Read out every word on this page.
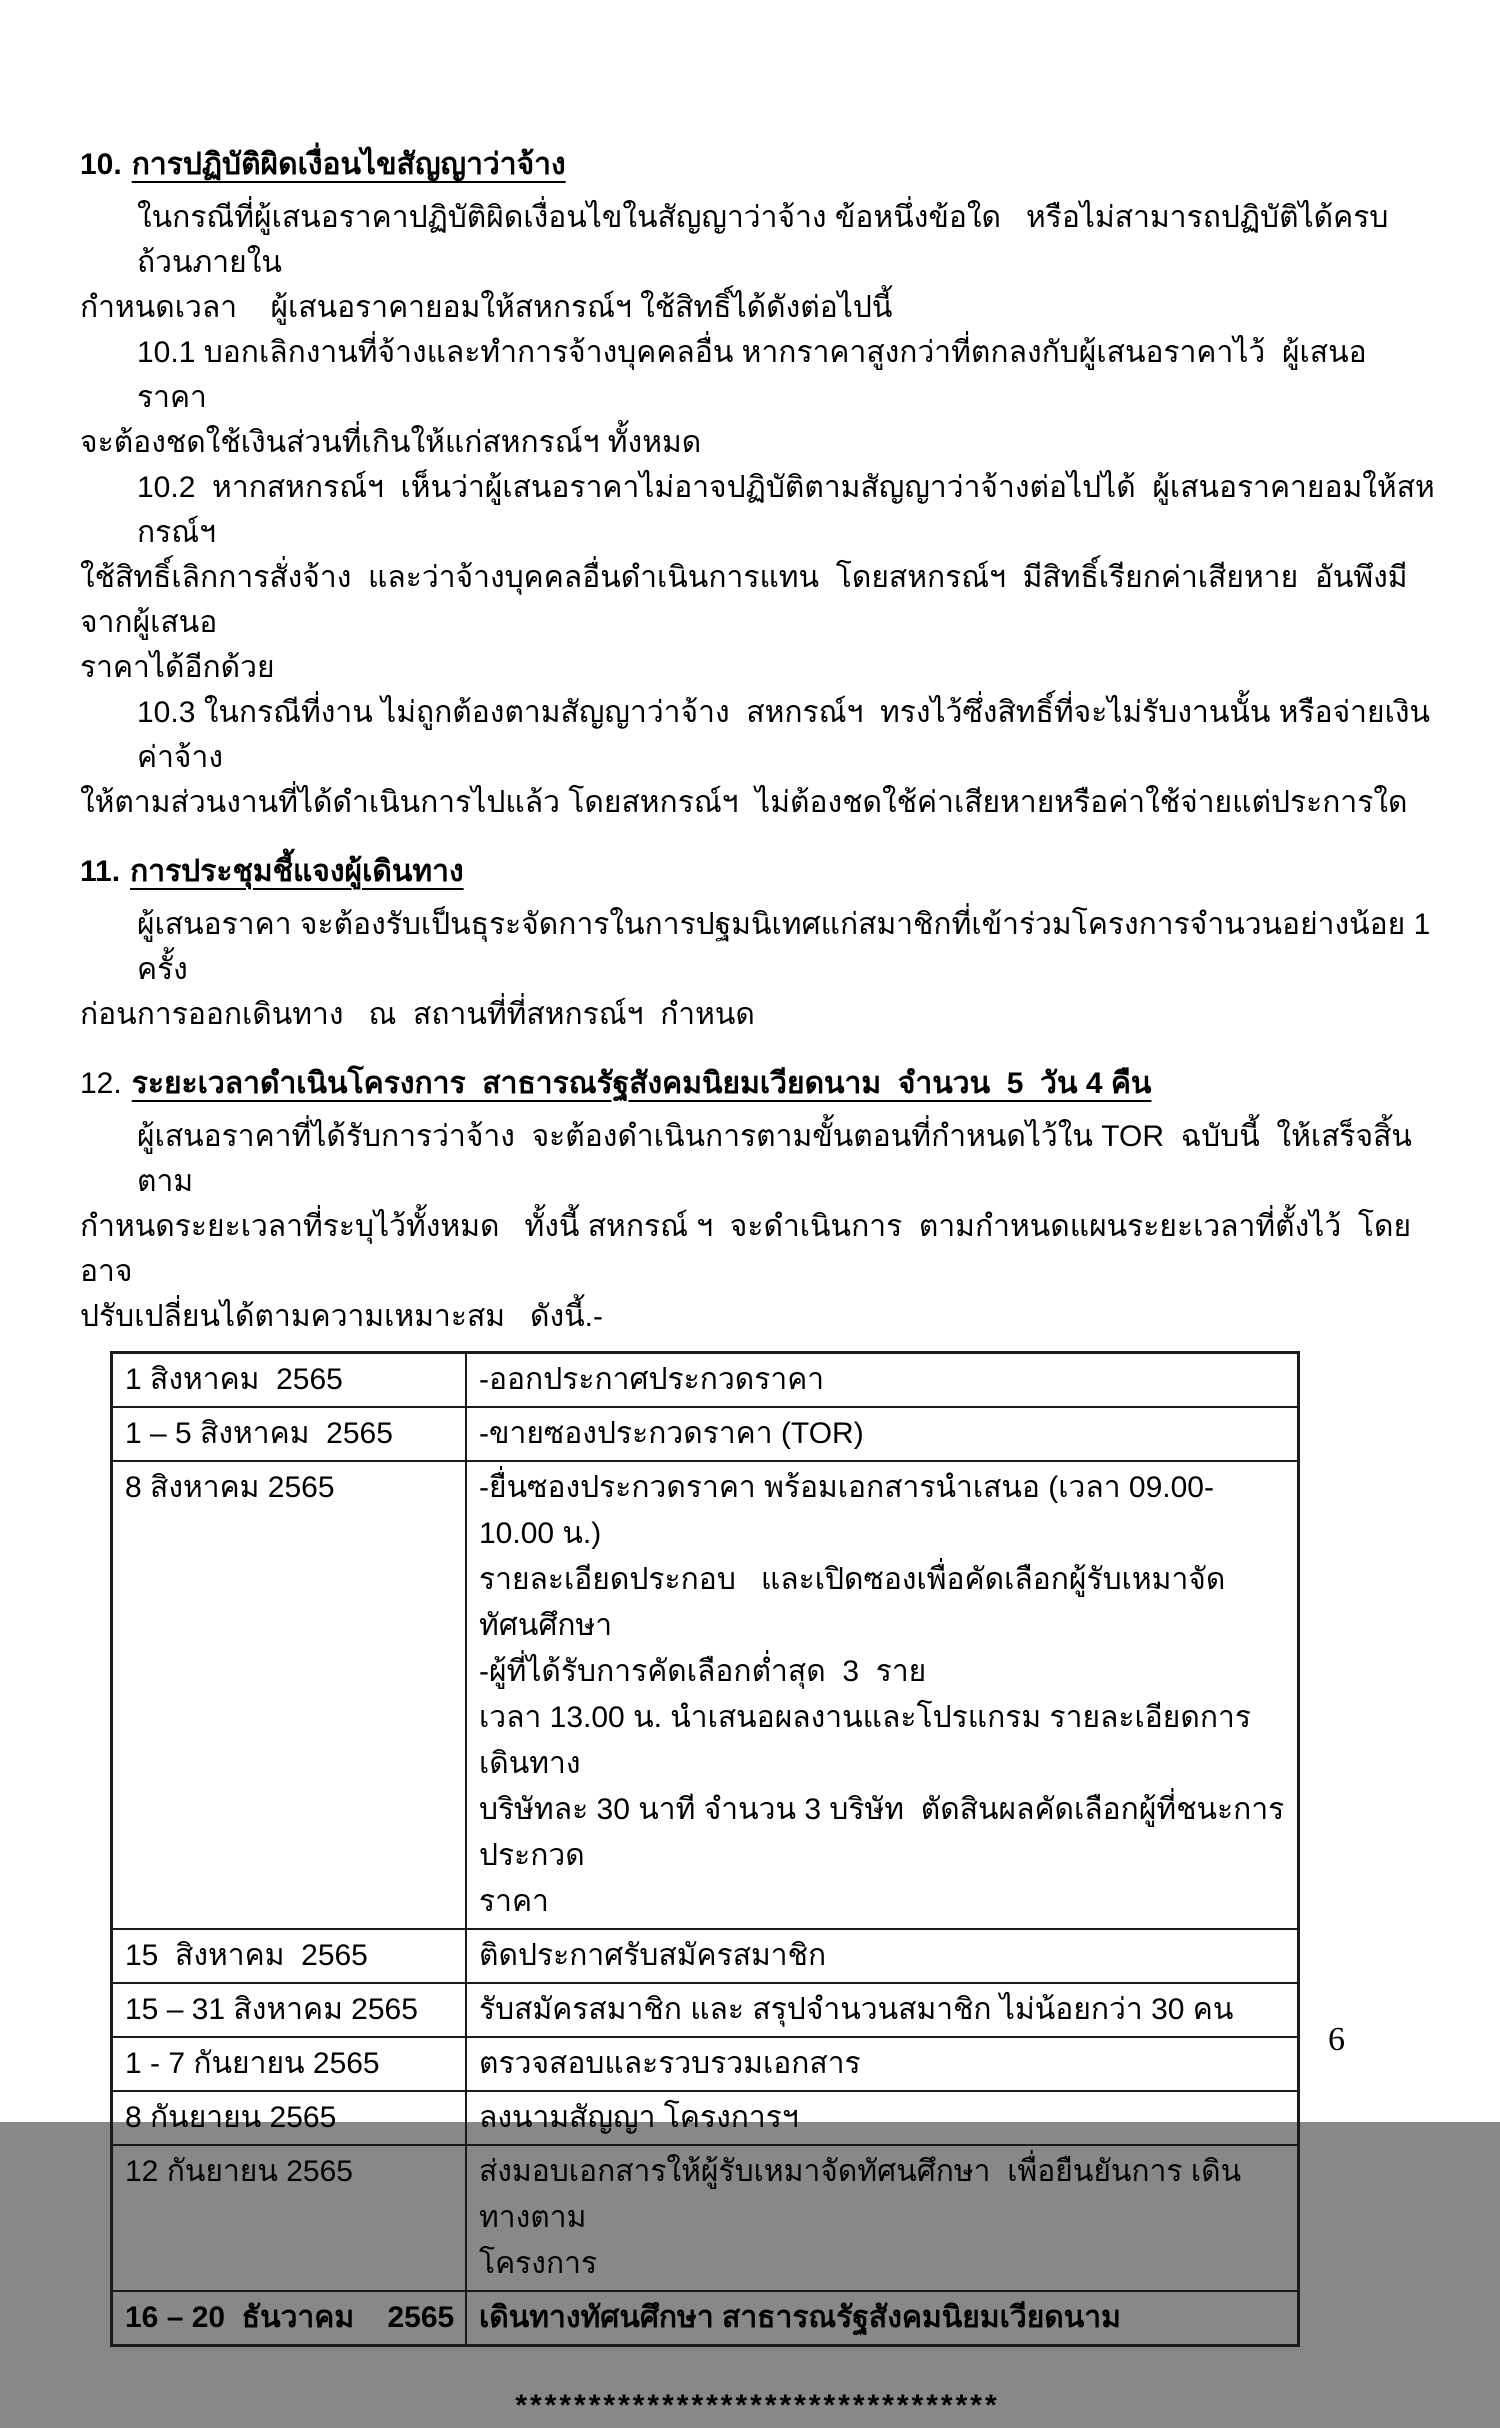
10. การปฏิบัติผิดเงื่อนไขสัญญาว่าจ้าง
ในกรณีที่ผู้เสนอราคาปฏิบัติผิดเงื่อนไขในสัญญาว่าจ้าง ข้อหนึ่งข้อใด   หรือไม่สามารถปฏิบัติได้ครบถ้วนภายใน
กำหนดเวลา    ผู้เสนอราคายอมให้สหกรณ์ฯ ใช้สิทธิ์ได้ดังต่อไปนี้
10.1 บอกเลิกงานที่จ้างและทำการจ้างบุคคลอื่น หากราคาสูงกว่าที่ตกลงกับผู้เสนอราคาไว้  ผู้เสนอราคา
จะต้องชดใช้เงินส่วนที่เกินให้แก่สหกรณ์ฯ ทั้งหมด
10.2  หากสหกรณ์ฯ  เห็นว่าผู้เสนอราคาไม่อาจปฏิบัติตามสัญญาว่าจ้างต่อไปได้  ผู้เสนอราคายอมให้สหกรณ์ฯ
ใช้สิทธิ์เลิกการสั่งจ้าง  และว่าจ้างบุคคลอื่นดำเนินการแทน  โดยสหกรณ์ฯ  มีสิทธิ์เรียกค่าเสียหาย  อันพึงมีจากผู้เสนอ
ราคาได้อีกด้วย
10.3 ในกรณีที่งาน ไม่ถูกต้องตามสัญญาว่าจ้าง  สหกรณ์ฯ  ทรงไว้ซึ่งสิทธิ์ที่จะไม่รับงานนั้น หรือจ่ายเงินค่าจ้าง
ให้ตามส่วนงานที่ได้ดำเนินการไปแล้ว โดยสหกรณ์ฯ  ไม่ต้องชดใช้ค่าเสียหายหรือค่าใช้จ่ายแต่ประการใด
11. การประชุมชี้แจงผู้เดินทาง
ผู้เสนอราคา จะต้องรับเป็นธุระจัดการในการปฐมนิเทศแก่สมาชิกที่เข้าร่วมโครงการจำนวนอย่างน้อย 1  ครั้ง
ก่อนการออกเดินทาง   ณ  สถานที่ที่สหกรณ์ฯ  กำหนด
12. ระยะเวลาดำเนินโครงการ  สาธารณรัฐสังคมนิยมเวียดนาม  จำนวน  5  วัน 4 คืน
ผู้เสนอราคาที่ได้รับการว่าจ้าง  จะต้องดำเนินการตามขั้นตอนที่กำหนดไว้ใน TOR  ฉบับนี้  ให้เสร็จสิ้นตาม
กำหนดระยะเวลาที่ระบุไว้ทั้งหมด   ทั้งนี้ สหกรณ์ ฯ  จะดำเนินการ  ตามกำหนดแผนระยะเวลาที่ตั้งไว้  โดยอาจ
ปรับเปลี่ยนได้ตามความเหมาะสม   ดังนี้.-
1 สิงหาคม  2565	-ออกประกาศประกวดราคา

1 – 5 สิงหาคม  2565	-ขายซองประกวดราคา (TOR)

8 สิงหาคม 2565	-ยื่นซองประกวดราคา พร้อมเอกสารนำเสนอ (เวลา 09.00-10.00 น.)
รายละเอียดประกอบ   และเปิดซองเพื่อคัดเลือกผู้รับเหมาจัดทัศนศึกษา
-ผู้ที่ได้รับการคัดเลือกต่ำสุด  3  ราย
เวลา 13.00 น. นำเสนอผลงานและโปรแกรม รายละเอียดการเดินทาง
บริษัทละ 30 นาที จำนวน 3 บริษัท  ตัดสินผลคัดเลือกผู้ที่ชนะการประกวด
ราคา

15  สิงหาคม  2565	ติดประกาศรับสมัครสมาชิก

15 – 31 สิงหาคม 2565	รับสมัครสมาชิก และ สรุปจำนวนสมาชิก ไม่น้อยกว่า 30 คน

1 - 7 กันยายน 2565	ตรวจสอบและรวบรวมเอกสาร

8 กันยายน 2565	ลงนามสัญญา โครงการฯ

12 กันยายน 2565	ส่งมอบเอกสารให้ผู้รับเหมาจัดทัศนศึกษา  เพื่อยืนยันการ เดินทางตาม
โครงการ

16 – 20  ธันวาคม    2565	เดินทางทัศนศึกษา สาธารณรัฐสังคมนิยมเวียดนาม
*********************************
6
